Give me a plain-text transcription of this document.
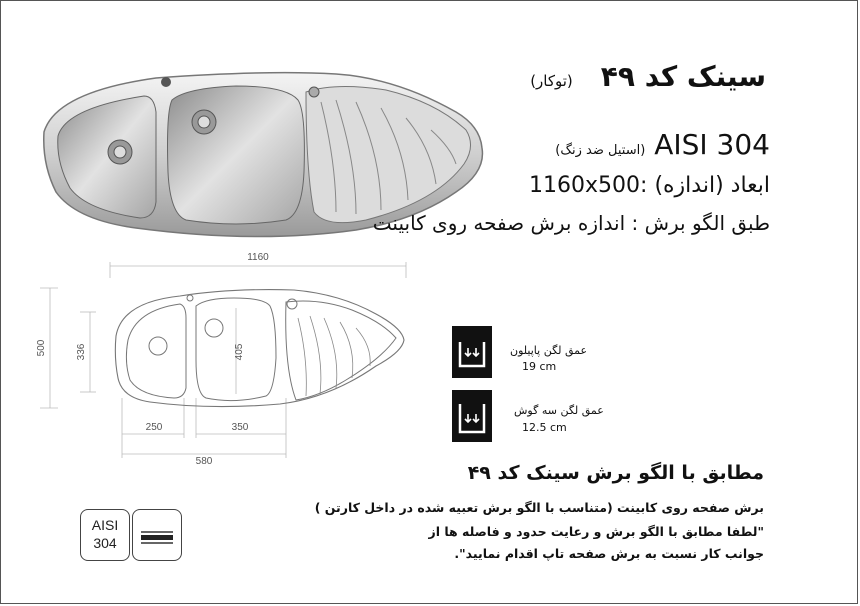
سینک کد ۴۹(توکار)
(استیل ضد زنگ) AISI 304
1160x500: ابعاد (اندازه)
طبق الگو برش : اندازه برش صفحه روی کابینت
1160
500	336	405
250	350
580
عمق لگن پاپیلون
19 cm
عمق لگن سه گوش
12.5 cm
مطابق با الگو برش سینک کد ۴۹
برش صفحه روی کابینت (متناسب با الگو برش تعبیه شده در داخل کارتن )
"لطفا مطابق با الگو برش و رعایت حدود و فاصله ها از
جوانب کار نسبت به برش صفحه تاپ اقدام نمایید".
AISI
304
